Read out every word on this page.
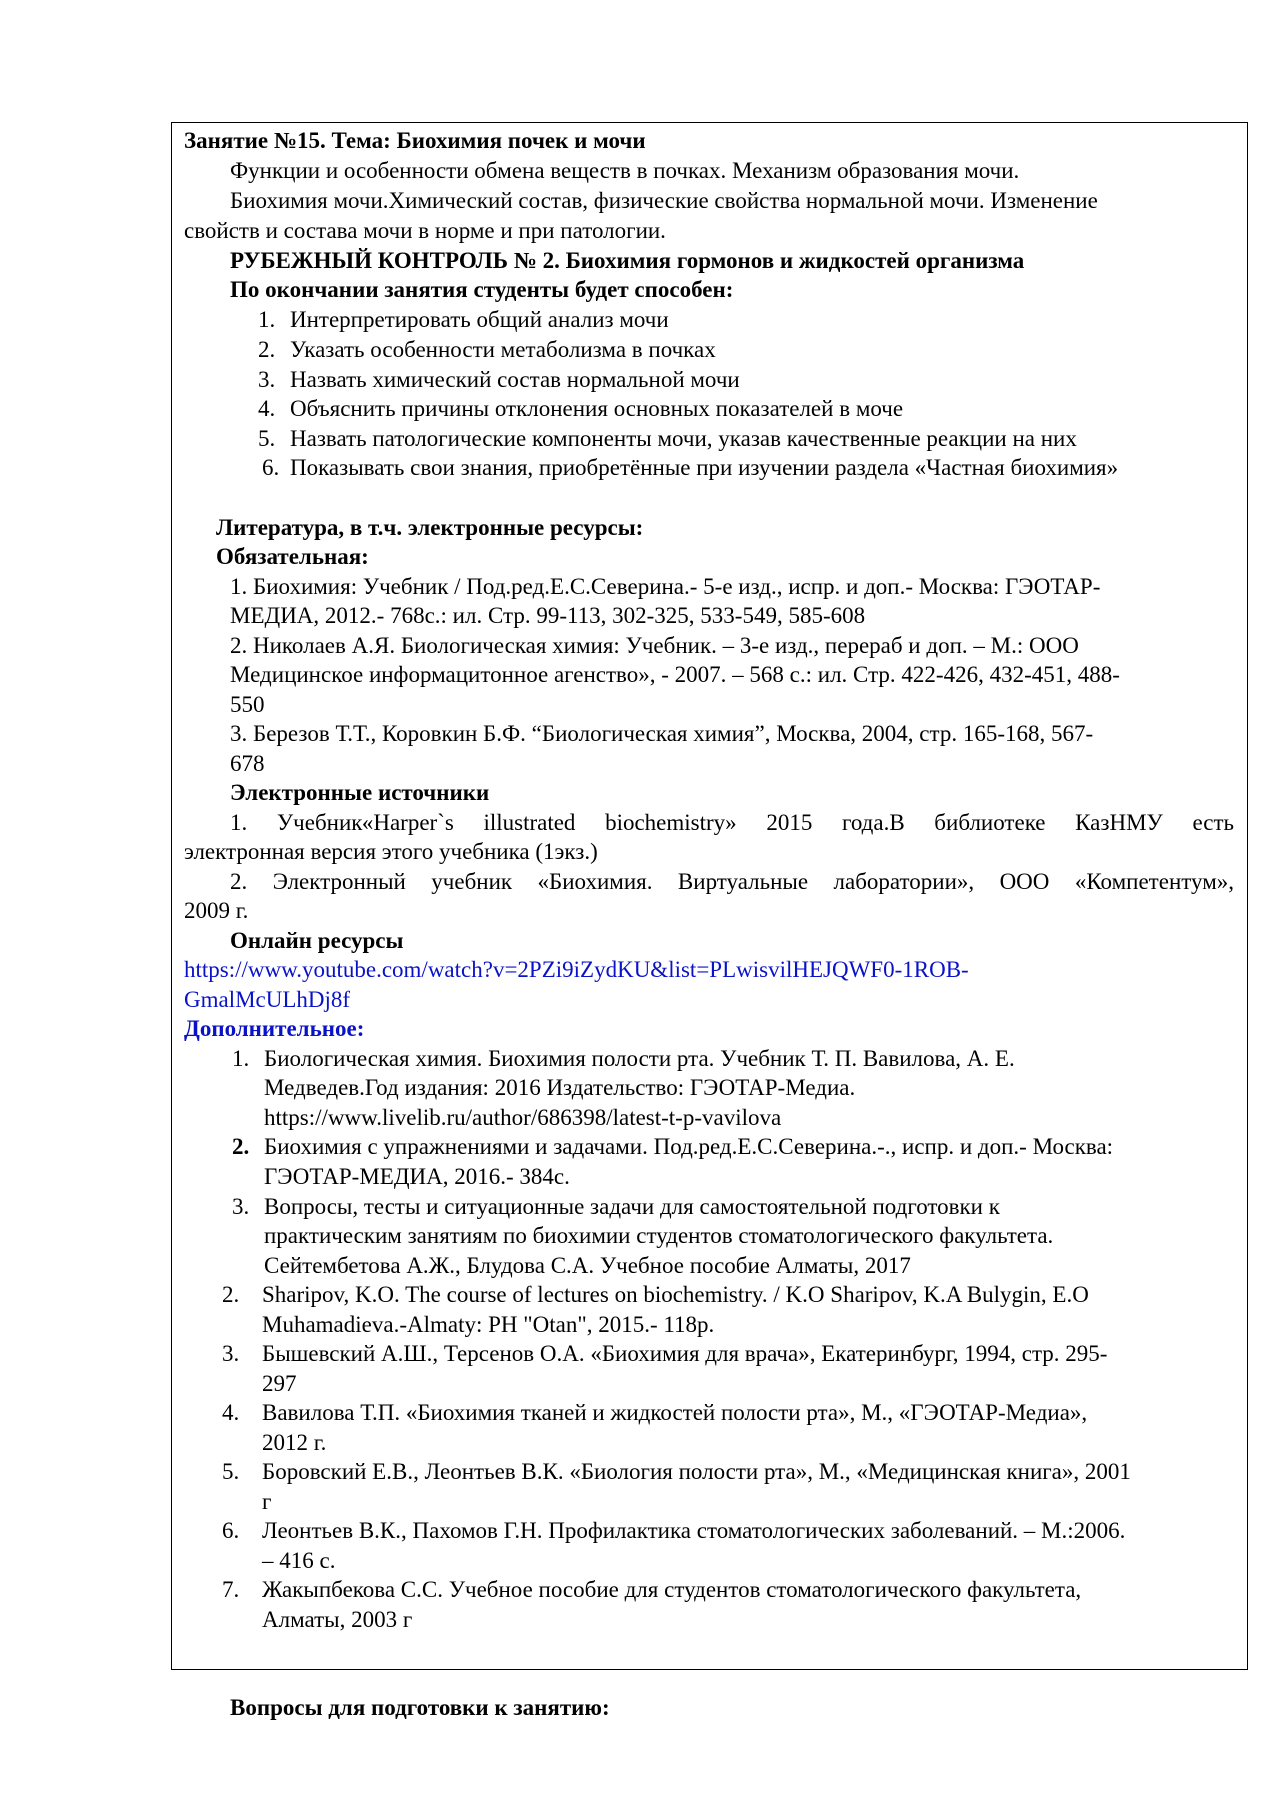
Занятие №15. Тема: Биохимия почек и мочи
Функции и особенности обмена веществ в почках. Механизм образования мочи.
Биохимия мочи.Химический состав, физические свойства нормальной мочи. Изменение
свойств и состава мочи в норме и при патологии.
РУБЕЖНЫЙ КОНТРОЛЬ № 2. Биохимия гормонов и жидкостей организма
По окончании занятия студенты будет способен:
1. Интерпретировать общий анализ мочи
2. Указать особенности метаболизма в почках
3. Назвать химический состав нормальной мочи
4. Объяснить причины отклонения основных показателей в моче
5. Назвать патологические компоненты мочи, указав качественные реакции на них
6. Показывать свои знания, приобретённые при изучении раздела «Частная биохимия»
Литература, в т.ч. электронные ресурсы:
Обязательная:
1. Биохимия: Учебник / Под.ред.Е.С.Северина.- 5-е изд., испр. и доп.- Москва: ГЭОТАР-
МЕДИА, 2012.- 768с.: ил. Стр. 99-113, 302-325, 533-549, 585-608
2. Николаев А.Я. Биологическая химия: Учебник. – 3-е изд., перераб и доп. – М.: ООО
Медицинское информацитонное агенство», - 2007. – 568 с.: ил. Стр. 422-426, 432-451, 488-
550
3. Березов Т.Т., Коровкин Б.Ф. “Биологическая химия”, Москва, 2004, стр. 165-168, 567-
678
Электронные источники
1. Учебник«Harper`s illustrated biochemistry» 2015 года.В библиотеке КазНМУ есть
электронная версия этого учебника (1экз.)
2. Электронный учебник «Биохимия. Виртуальные лаборатории», ООО «Компетентум»,
2009 г.
Онлайн ресурсы
https://www.youtube.com/watch?v=2PZi9iZydKU&list=PLwisvilHEJQWF0-1ROB-
GmalMcULhDj8f
Дополнительное:
1. Биологическая химия. Биохимия полости рта. Учебник Т. П. Вавилова, А. Е.
Медведев.Год издания: 2016 Издательство: ГЭОТАР-Медиа.
https://www.livelib.ru/author/686398/latest-t-p-vavilova
2. Биохимия с упражнениями и задачами. Под.ред.Е.С.Северина.-., испр. и доп.- Москва:
ГЭОТАР-МЕДИА, 2016.- 384с.
3. Вопросы, тесты и ситуационные задачи для самостоятельной подготовки к
практическим занятиям по биохимии студентов стоматологического факультета.
Сейтембетова А.Ж., Блудова С.А. Учебное пособие Алматы, 2017
2. Sharipov, K.O. The course of lectures on biochemistry. / K.O Sharipov, K.A Bulygin, E.O
Muhamadieva.-Almaty: PH "Otan", 2015.- 118p.
3. Бышевский А.Ш., Терсенов О.А. «Биохимия для врача», Екатеринбург, 1994, стр. 295-
297
4. Вавилова Т.П. «Биохимия тканей и жидкостей полости рта», М., «ГЭОТАР-Медиа»,
2012 г.
5. Боровский Е.В., Леонтьев В.К. «Биология полости рта», М., «Медицинская книга», 2001
г
6. Леонтьев В.К., Пахомов Г.Н. Профилактика стоматологических заболеваний. – М.:2006.
– 416 с.
7. Жакыпбекова С.С. Учебное пособие для студентов стоматологического факультета,
Алматы, 2003 г
Вопросы для подготовки к занятию:
